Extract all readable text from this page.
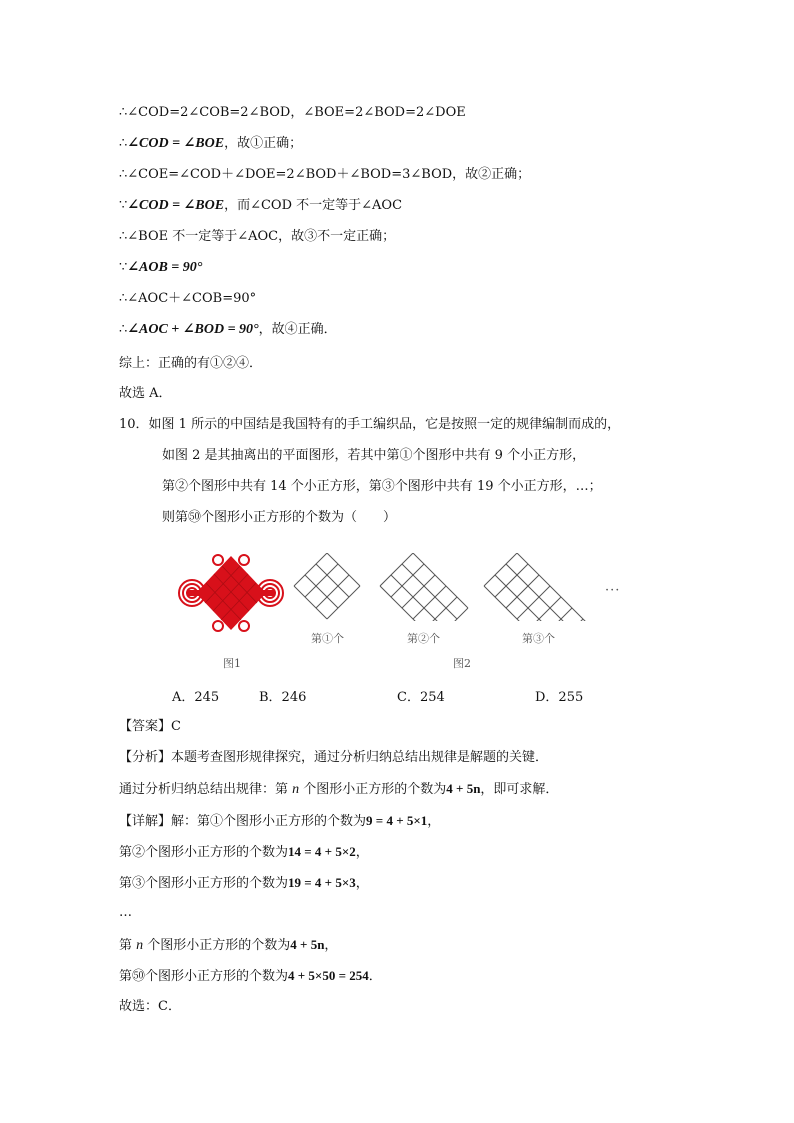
∴∠COD=2∠COB=2∠BOD，∠BOE=2∠BOD=2∠DOE
∴∠COD = ∠BOE，故①正确；
∴∠COE=∠COD＋∠DOE=2∠BOD＋∠BOD=3∠BOD，故②正确；
∵∠COD = ∠BOE，而∠COD 不一定等于∠AOC
∴∠BOE 不一定等于∠AOC，故③不一定正确；
∵∠AOB = 90°
∴∠AOC＋∠COB=90°
∴∠AOC + ∠BOD = 90°，故④正确．
综上：正确的有①②④．
故选 A．
10．如图 1 所示的中国结是我国特有的手工编织品，它是按照一定的规律编制而成的，
如图 2 是其抽离出的平面图形，若其中第①个图形中共有 9 个小正方形，
第②个图形中共有 14 个小正方形，第③个图形中共有 19 个小正方形，…；
则第㊿个图形小正方形的个数为（　　）
图1
第①个	第②个	第③个
···
图2
A．245	B．246	C．254	D．255
【答案】C
【分析】本题考查图形规律探究，通过分析归纳总结出规律是解题的关键．
通过分析归纳总结出规律：第 n 个图形小正方形的个数为4 + 5n，即可求解．
【详解】解：第①个图形小正方形的个数为9 = 4 + 5×1，
第②个图形小正方形的个数为14 = 4 + 5×2，
第③个图形小正方形的个数为19 = 4 + 5×3，
…
第 n 个图形小正方形的个数为4 + 5n，
第㊿个图形小正方形的个数为4 + 5×50 = 254．
故选：C．
